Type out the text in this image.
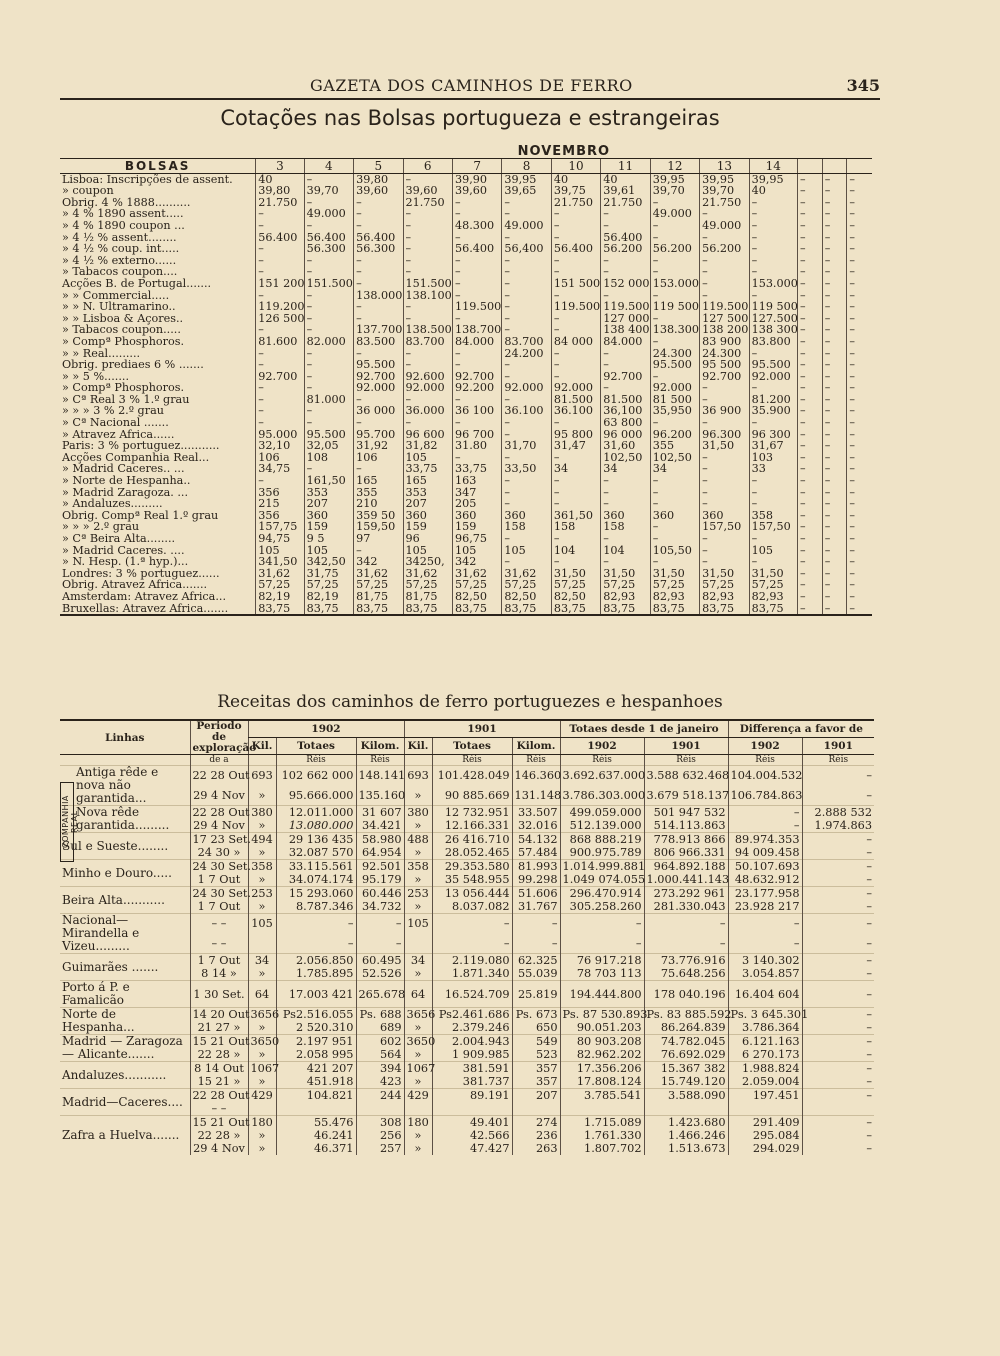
GAZETA DOS CAMINHOS DE FERRO	345
Cotações nas Bolsas portugueza e estrangeiras
	NOVEMBRO													
BOLSAS	3	4	5	6	7	8	10	11	12	13	14			
Lisboa: Inscripções de assent.	40	–	39,80	–	39,90	39,95	40	40	39,95	39,95	39,95	–	–	–
» coupon	39,80	39,70	39,60	39,60	39,60	39,65	39,75	39,61	39,70	39,70	40	–	–	–
Obrig. 4 % 1888..........	21.750	–	–	21.750	–	–	21.750	21.750	–	21.750	–	–	–	–
» 4 % 1890 assent.....	–	49.000	–	–	–	–	–	–	49.000	–	–	–	–	–
» 4 % 1890 coupon ...	–	–	–	–	48.300	49.000	–	–	–	49.000	–	–	–	–
» 4 ½ % assent........	56.400	56.400	56.400	–	–	–	–	56.400	–	–	–	–	–	–
» 4 ½ % coup. int.....	–	56.300	56.300	–	56.400	56,400	56.400	56.200	56.200	56.200	–	–	–	–
» 4 ½ % externo......	–	–	–	–	–	–	–	–	–	–	–	–	–	–
» Tabacos coupon....	–	–	–	–	–	–	–	–	–	–	–	–	–	–
Acções B. de Portugal.......	151 200	151.500	–	151.500	–	–	151 500	152 000	153.000	–	153.000	–	–	–
» » Commercial.....	–	–	138.000	138.100	–	–	–	–	–	–	–	–	–	–
» » N. Ultramarino..	119.200	–	–	–	119.500	–	119.500	119.500	119 500	119.500	119 500	–	–	–
» » Lisboa & Açores..	126 500	–	–	–	–	–	–	127 000	–	127 500	127.500	–	–	–
» Tabacos coupon.....	–	–	137.700	138.500	138.700	–	–	138 400	138.300	138 200	138 300	–	–	–
» Compª Phosphoros.	81.600	82.000	83.500	83.700	84.000	83.700	84 000	84.000	–	83 900	83.800	–	–	–
» » Real.........	–	–	–	–	–	24.200	–	–	24.300	24.300	–	–	–	–
Obrig. prediaes 6 % .......	–	–	95.500	–	–	–	–	–	95.500	95 500	95.500	–	–	–
» » 5 %.......	92.700	–	92.700	92.600	92.700	–	–	92.700	–	92.700	92.000	–	–	–
» Compª Phosphoros.	–	–	92.000	92.000	92.200	92.000	92.000	–	92.000	–	–	–	–	–
» Cª Real 3 % 1.º grau	–	81.000	–	–	–	–	81.500	81.500	81 500	–	81.200	–	–	–
» » » 3 % 2.º grau	–	–	36 000	36.000	36 100	36.100	36.100	36,100	35,950	36 900	35.900	–	–	–
» Cª Nacional .......	–	–	–	–	–	–	–	63 800	–	–	–	–	–	–
» Atravez Africa......	95.000	95.500	95.700	96 600	96 700	–	95 800	96 000	96.200	96.300	96 300	–	–	–
Paris: 3 % portuguez...........	32,10	32,05	31,92	31,82	31.80	31,70	31,47	31,60	355	31,50	31,67	–	–	–
Acções Companhia Real...	106	108	106	105	–	–	–	102,50	102,50	–	103	–	–	–
» Madrid Caceres.. ...	34,75	–	–	33,75	33,75	33,50	34	34	34	–	33	–	–	–
» Norte de Hespanha..	–	161,50	165	165	163	–	–	–	–	–	–	–	–	–
» Madrid Zaragoza. ...	356	353	355	353	347	–	–	–	–	–	–	–	–	–
» Andaluzes.........	215	207	210	207	205	–	–	–	–	–	–	–	–	–
Obrig. Compª Real 1.º grau	356	360	359 50	360	360	360	361,50	360	360	360	358	–	–	–
» » » 2.º grau	157,75	159	159,50	159	159	158	158	158	–	157,50	157,50	–	–	–
» Cª Beira Alta........	94,75	9 5	97	96	96,75	–	–	–	–	–	–	–	–	–
» Madrid Caceres. ....	105	105	–	105	105	105	104	104	105,50	–	105	–	–	–
» N. Hesp. (1.ª hyp.)...	341,50	342,50	342	34250,	342	–	–	–	–	–	–	–	–	–
Londres: 3 % portuguez......	31,62	31,75	31,62	31,62	31,62	31,62	31,50	31,50	31,50	31,50	31,50	–	–	–
Obrig. Atravez Africa.......	57,25	57,25	57,25	57,25	57,25	57,25	57,25	57,25	57,25	57,25	57,25	–	–	–
Amsterdam: Atravez Africa...	82,19	82,19	81,75	81,75	82,50	82,50	82,50	82,93	82,93	82,93	82,93	–	–	–
Bruxellas: Atravez Africa.......	83,75	83,75	83,75	83,75	83,75	83,75	83,75	83,75	83,75	83,75	83,75	–	–	–
Receitas dos caminhos de ferro portuguezes e hespanhoes
Linhas	Periodo de exploração	1902			1901			Totaes desde 1 de janeiro		Differença a favor de	
		Kil.	Totaes	Kilom.	Kil.	Totaes	Kilom.	1902	1901	1902	1901
	de a		Réis	Réis		Réis	Réis	Réis	Réis	Réis	Réis
Antiga rêde e nova não garantida...	22 28 Out	693	102 662 000	148.141	693	101.428.049	146.360	3.692.637.000	3.588 632.468	104.004.532	–
	29 4 Nov	»	95.666.000	135.160	»	90 885.669	131.148	3.786.303.000	3.679 518.137	106.784.863	–
Nova rêde garantida.........	22 28 Out	380	12.011.000	31 607	380	12 732.951	33.507	499.059.000	501 947 532	–	2.888 532
	29 4 Nov	»	13.080.000	34.421	»	12.166.331	32.016	512.139.000	514.113.863	–	1.974.863
Sul e Sueste........	17 23 Set.	494	29 136 435	58.980	488	26 416.710	54.132	868 888.219	778.913 866	89.974.353	–
	24 30 »	»	32.087 570	64.954	»	28.052.465	57.484	900.975.789	806 966.331	94 009.458	–
Minho e Douro.....	24 30 Set.	358	33.115.561	92.501	358	29.353.580	81.993	1.014.999.881	964.892.188	50.107.693	–
	1 7 Out	»	34.074.174	95.179	»	35 548.955	99.298	1.049 074.055	1.000.441.143	48.632.912	–
Beira Alta...........	24 30 Set.	253	15 293.060	60.446	253	13 056.444	51.606	296.470.914	273.292 961	23.177.958	–
	1 7 Out	»	8.787.346	34.732	»	8.037.082	31.767	305.258.260	281.330.043	23.928 217	–
Nacional—Mirandella e Vizeu.........	– –	105	–	–	105	–	–	–	–	–	–
	– –		–	–		–	–	–	–	–	–
Guimarães .......	1 7 Out	34	2.056.850	60.495	34	2.119.080	62.325	76 917.218	73.776.916	3 140.302	–
	8 14 »	»	1.785.895	52.526	»	1.871.340	55.039	78 703 113	75.648.256	3.054.857	–
Porto á P. e Famalicão	1 30 Set.	64	17.003 421	265.678	64	16.524.709	25.819	194.444.800	178 040.196	16.404 604	–
Norte de Hespanha...	14 20 Out	3656 Ps.	2.516.055	Ps. 688	3656 Ps.	2.461.686	Ps. 673	Ps. 87 530.893	Ps. 83 885.592	Ps. 3 645.301	–
	21 27 »	»	2 520.310	689	»	2.379.246	650	90.051.203	86.264.839	3.786.364	–
Madrid — Zaragoza — Alicante.......	15 21 Out	3650	2.197 951	602	3650	2.004.943	549	80 903.208	74.782.045	6.121.163	–
	22 28 »	»	2.058 995	564	»	1 909.985	523	82.962.202	76.692.029	6 270.173	–
Andaluzes...........	8 14 Out	1067	421 207	394	1067	381.591	357	17.356.206	15.367 382	1.988.824	–
	15 21 »	»	451.918	423	»	381.737	357	17.808.124	15.749.120	2.059.004	–
Madrid—Caceres....	22 28 Out	429	104.821	244	429	89.191	207	3.785.541	3.588.090	197.451	–
	– –										
Zafra a Huelva.......	15 21 Out	180	55.476	308	180	49.401	274	1.715.089	1.423.680	291.409	–
	22 28 »	»	46.241	256	»	42.566	236	1.761.330	1.466.246	295.084	–
	29 4 Nov	»	46.371	257	»	47.427	263	1.807.702	1.513.673	294.029	–
COMPANHIA REAL
